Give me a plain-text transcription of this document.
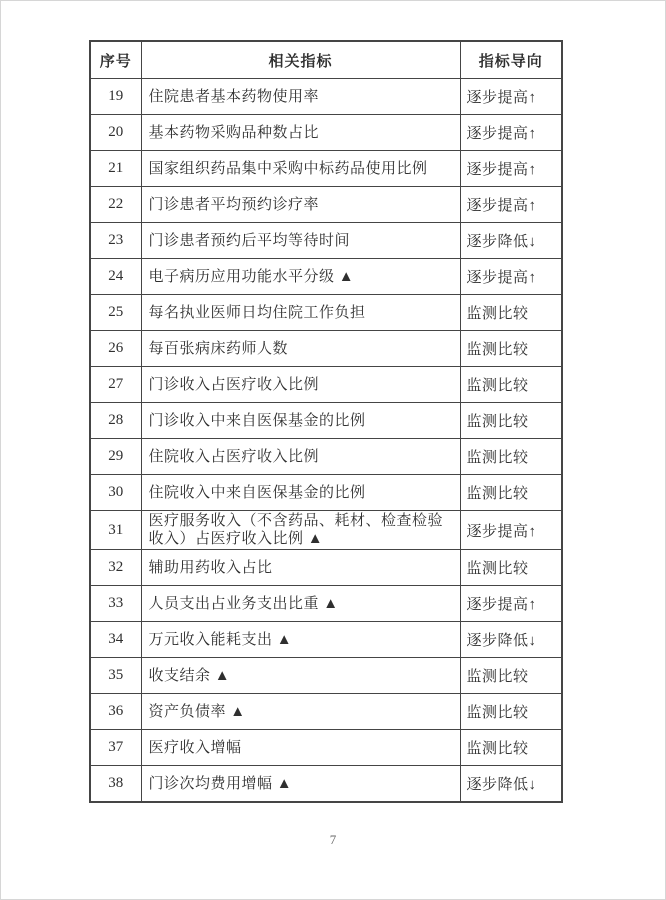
序号	相关指标	指标导向
19	住院患者基本药物使用率	逐步提高↑
20	基本药物采购品种数占比	逐步提高↑
21	国家组织药品集中采购中标药品使用比例	逐步提高↑
22	门诊患者平均预约诊疗率	逐步提高↑
23	门诊患者预约后平均等待时间	逐步降低↓
24	电子病历应用功能水平分级 ▲	逐步提高↑
25	每名执业医师日均住院工作负担	监测比较
26	每百张病床药师人数	监测比较
27	门诊收入占医疗收入比例	监测比较
28	门诊收入中来自医保基金的比例	监测比较
29	住院收入占医疗收入比例	监测比较
30	住院收入中来自医保基金的比例	监测比较
31	医疗服务收入（不含药品、耗材、检查检验收入）占医疗收入比例 ▲	逐步提高↑
32	辅助用药收入占比	监测比较
33	人员支出占业务支出比重 ▲	逐步提高↑
34	万元收入能耗支出 ▲	逐步降低↓
35	收支结余 ▲	监测比较
36	资产负债率 ▲	监测比较
37	医疗收入增幅	监测比较
38	门诊次均费用增幅 ▲	逐步降低↓
7
